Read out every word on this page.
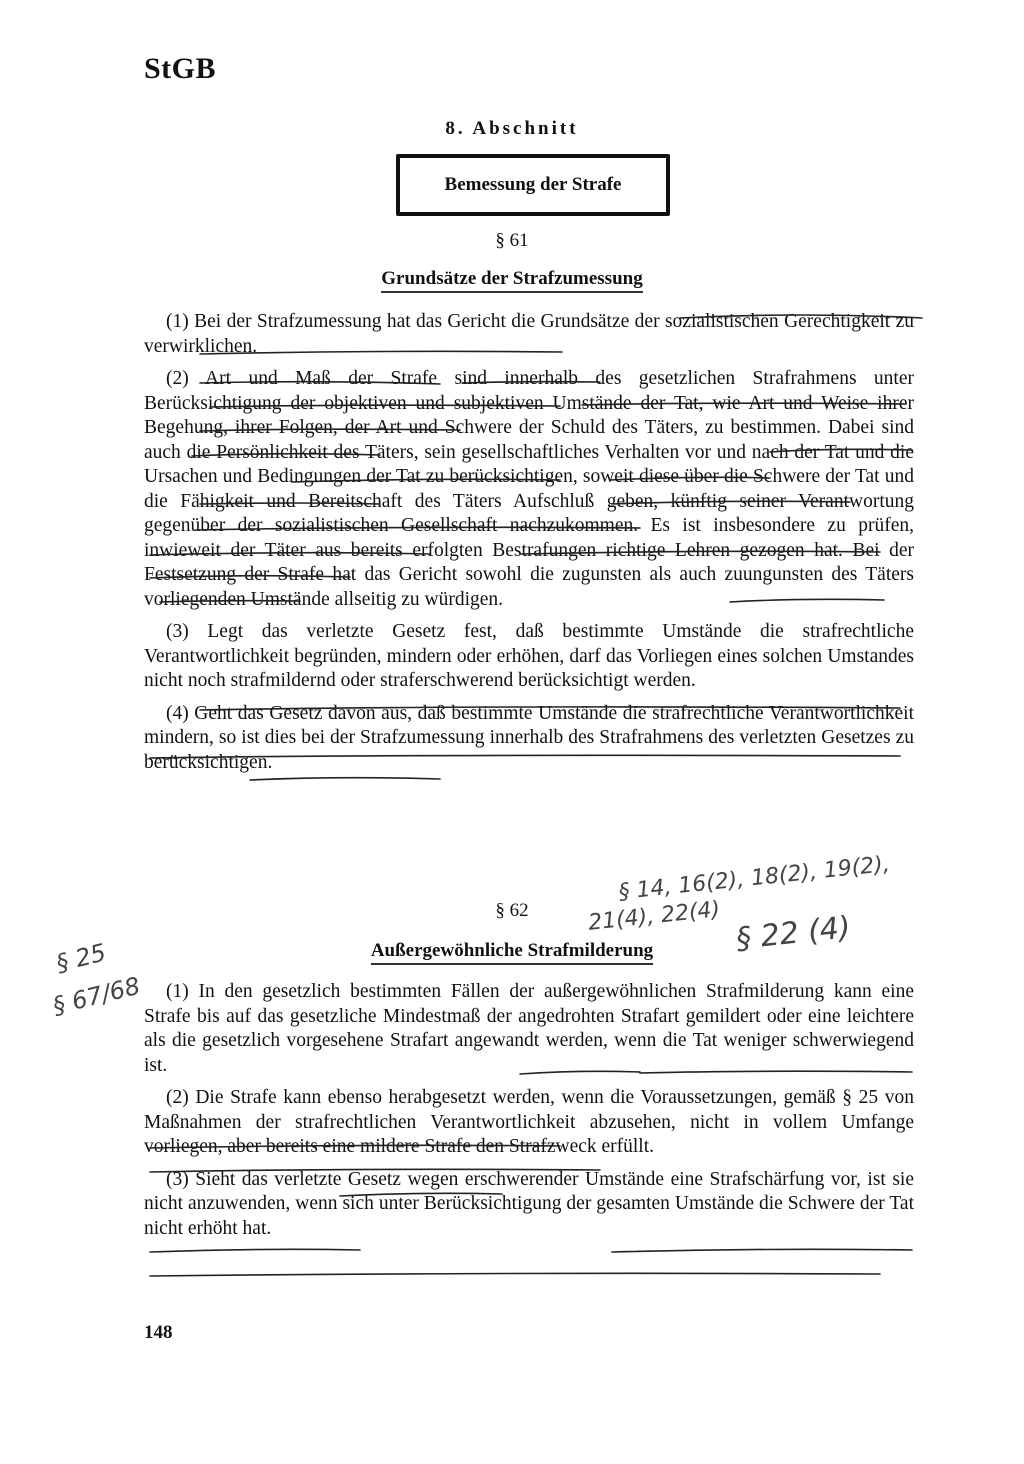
StGB
8. Abschnitt
Bemessung der Strafe
§ 61
Grundsätze der Strafzumessung

(1) Bei der Strafzumessung hat das Gericht die Grundsätze der sozialistischen Gerechtigkeit zu verwirklichen.

(2) Art und Maß der Strafe sind innerhalb des gesetzlichen Strafrahmens unter Berücksichtigung der objektiven und subjektiven Umstände der Tat, wie Art und Weise ihrer Begehung, ihrer Folgen, der Art und Schwere der Schuld des Täters, zu bestimmen. Dabei sind auch die Persönlichkeit des Täters, sein gesellschaftliches Verhalten vor und nach der Tat und die Ursachen und Bedingungen der Tat zu berücksichtigen, soweit diese über die Schwere der Tat und die Fähigkeit und Bereitschaft des Täters Aufschluß geben, künftig seiner Verantwortung gegenüber der sozialistischen Gesellschaft nachzukommen. Es ist insbesondere zu prüfen, inwieweit der Täter aus bereits erfolgten Bestrafungen richtige Lehren gezogen hat. Bei der Festsetzung der Strafe hat das Gericht sowohl die zugunsten als auch zuungunsten des Täters vorliegenden Umstände allseitig zu würdigen.

(3) Legt das verletzte Gesetz fest, daß bestimmte Umstände die strafrechtliche Verantwortlichkeit begründen, mindern oder erhöhen, darf das Vorliegen eines solchen Umstandes nicht noch strafmildernd oder straferschwerend berücksichtigt werden.

(4) Geht das Gesetz davon aus, daß bestimmte Umstände die strafrechtliche Verantwortlichkeit mindern, so ist dies bei der Strafzumessung innerhalb des Strafrahmens des verletzten Gesetzes zu berücksichtigen.

§ 62
Außergewöhnliche Strafmilderung

(1) In den gesetzlich bestimmten Fällen der außergewöhnlichen Strafmilderung kann eine Strafe bis auf das gesetzliche Mindestmaß der angedrohten Strafart gemildert oder eine leichtere als die gesetzlich vorgesehene Strafart angewandt werden, wenn die Tat weniger schwerwiegend ist.

(2) Die Strafe kann ebenso herabgesetzt werden, wenn die Voraussetzungen, gemäß § 25 von Maßnahmen der strafrechtlichen Verantwortlichkeit abzusehen, nicht in vollem Umfange vorliegen, aber bereits eine mildere Strafe den Strafzweck erfüllt.

(3) Sieht das verletzte Gesetz wegen erschwerender Umstände eine Strafschärfung vor, ist sie nicht anzuwenden, wenn sich unter Berücksichtigung der gesamten Umstände die Schwere der Tat nicht erhöht hat.

§ 14, 16(2), 18(2), 19(2),
21(4), 22(4) § 22 (4)
§ 25
§ 67/68
148
